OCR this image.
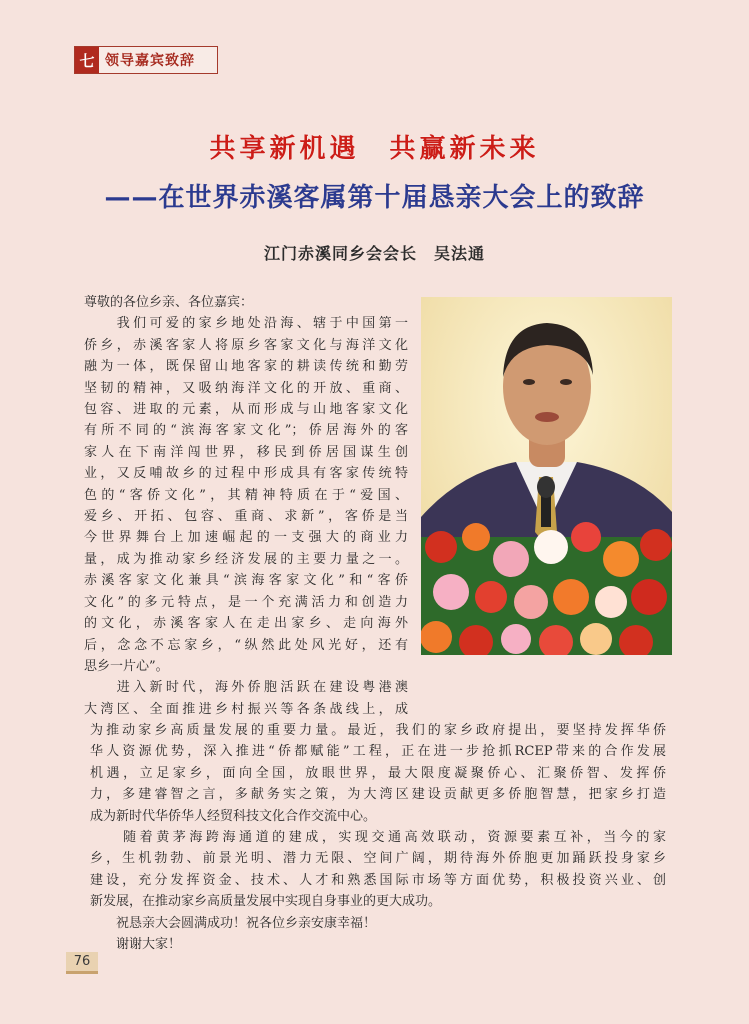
七 领导嘉宾致辞
共享新机遇　共赢新未来
——在世界赤溪客属第十届恳亲大会上的致辞
江门赤溪同乡会会长　吴法通
尊敬的各位乡亲、各位嘉宾：
　　我们可爱的家乡地处沿海、辖于中国第一
侨乡，赤溪客家人将原乡客家文化与海洋文化
融为一体，既保留山地客家的耕读传统和勤劳
坚韧的精神，又吸纳海洋文化的开放、重商、
包容、进取的元素，从而形成与山地客家文化
有所不同的“滨海客家文化”；侨居海外的客
家人在下南洋闯世界，移民到侨居国谋生创
业，又反哺故乡的过程中形成具有客家传统特
色的“客侨文化”，其精神特质在于“爱国、
爱乡、开拓、包容、重商、求新”，客侨是当
今世界舞台上加速崛起的一支强大的商业力
量，成为推动家乡经济发展的主要力量之一。
赤溪客家文化兼具“滨海客家文化”和“客侨
文化”的多元特点，是一个充满活力和创造力
的文化，赤溪客家人在走出家乡、走向海外
后，念念不忘家乡，“纵然此处风光好，还有
思乡一片心”。
　　进入新时代，海外侨胞活跃在建设粤港澳
大湾区、全面推进乡村振兴等各条战线上，成
为推动家乡高质量发展的重要力量。最近，我们的家乡政府提出，要坚持发挥华侨
华人资源优势，深入推进“侨都赋能”工程，正在进一步抢抓RCEP带来的合作发展
机遇，立足家乡，面向全国，放眼世界，最大限度凝聚侨心、汇聚侨智、发挥侨
力，多建睿智之言，多献务实之策，为大湾区建设贡献更多侨胞智慧，把家乡打造
成为新时代华侨华人经贸科技文化合作交流中心。
　　随着黄茅海跨海通道的建成，实现交通高效联动，资源要素互补，当今的家
乡，生机勃勃、前景光明、潜力无限、空间广阔，期待海外侨胞更加踊跃投身家乡
建设，充分发挥资金、技术、人才和熟悉国际市场等方面优势，积极投资兴业、创
新发展，在推动家乡高质量发展中实现自身事业的更大成功。
　　祝恳亲大会圆满成功！祝各位乡亲安康幸福！
　　谢谢大家！
76
